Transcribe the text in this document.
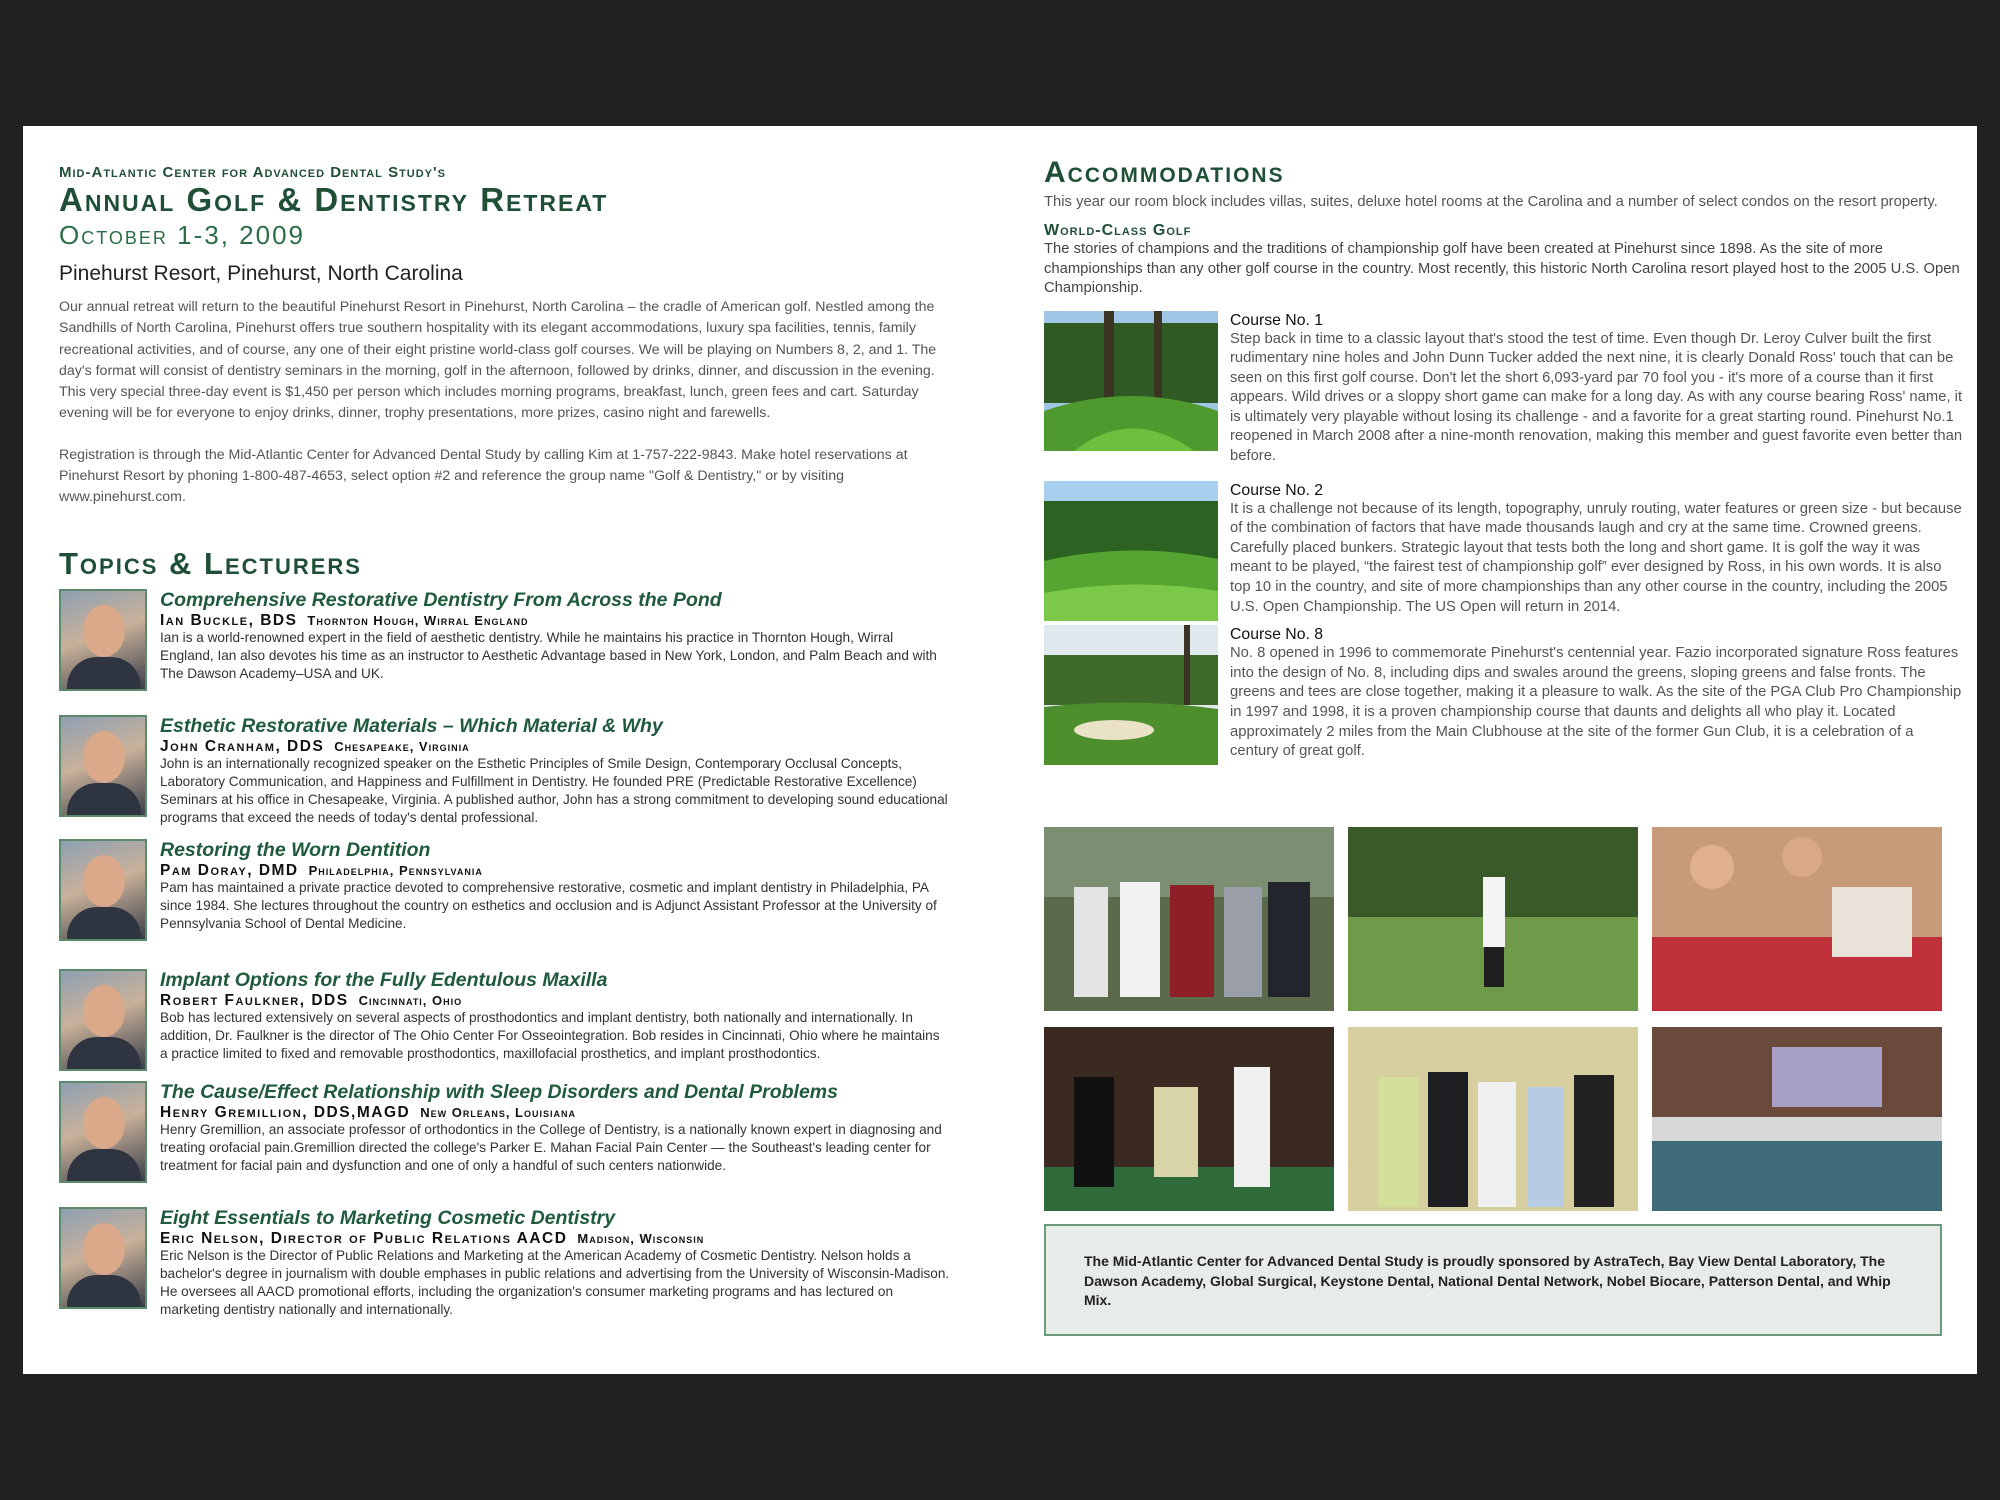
Mid-Atlantic Center for Advanced Dental Study's
Annual Golf & Dentistry Retreat
October 1-3, 2009
Pinehurst Resort, Pinehurst, North Carolina
Our annual retreat will return to the beautiful Pinehurst Resort in Pinehurst, North Carolina – the cradle of American golf. Nestled among the Sandhills of North Carolina, Pinehurst offers true southern hospitality with its elegant accommodations, luxury spa facilities, tennis, family recreational activities, and of course, any one of their eight pristine world-class golf courses. We will be playing on Numbers 8, 2, and 1. The day's format will consist of dentistry seminars in the morning, golf in the afternoon, followed by drinks, dinner, and discussion in the evening. This very special three-day event is $1,450 per person which includes morning programs, breakfast, lunch, green fees and cart. Saturday evening will be for everyone to enjoy drinks, dinner, trophy presentations, more prizes, casino night and farewells.
Registration is through the Mid-Atlantic Center for Advanced Dental Study by calling Kim at 1-757-222-9843. Make hotel reservations at Pinehurst Resort by phoning 1-800-487-4653, select option #2 and reference the group name "Golf & Dentistry," or by visiting www.pinehurst.com.
Topics & Lecturers
Comprehensive Restorative Dentistry From Across the Pond
Ian Buckle, BDS Thornton Hough, Wirral England
Ian is a world-renowned expert in the field of aesthetic dentistry. While he maintains his practice in Thornton Hough, Wirral England, Ian also devotes his time as an instructor to Aesthetic Advantage based in New York, London, and Palm Beach and with The Dawson Academy–USA and UK.
Esthetic Restorative Materials – Which Material & Why
John Cranham, DDS Chesapeake, Virginia
John is an internationally recognized speaker on the Esthetic Principles of Smile Design, Contemporary Occlusal Concepts, Laboratory Communication, and Happiness and Fulfillment in Dentistry. He founded PRE (Predictable Restorative Excellence) Seminars at his office in Chesapeake, Virginia. A published author, John has a strong commitment to developing sound educational programs that exceed the needs of today's dental professional.
Restoring the Worn Dentition
Pam Doray, DMD Philadelphia, Pennsylvania
Pam has maintained a private practice devoted to comprehensive restorative, cosmetic and implant dentistry in Philadelphia, PA since 1984. She lectures throughout the country on esthetics and occlusion and is Adjunct Assistant Professor at the University of Pennsylvania School of Dental Medicine.
Implant Options for the Fully Edentulous Maxilla
Robert Faulkner, DDS Cincinnati, Ohio
Bob has lectured extensively on several aspects of prosthodontics and implant dentistry, both nationally and internationally. In addition, Dr. Faulkner is the director of The Ohio Center For Osseointegration. Bob resides in Cincinnati, Ohio where he maintains a practice limited to fixed and removable prosthodontics, maxillofacial prosthetics, and implant prosthodontics.
The Cause/Effect Relationship with Sleep Disorders and Dental Problems
Henry Gremillion, DDS,MAGD New Orleans, Louisiana
Henry Gremillion, an associate professor of orthodontics in the College of Dentistry, is a nationally known expert in diagnosing and treating orofacial pain.Gremillion directed the college's Parker E. Mahan Facial Pain Center — the Southeast's leading center for treatment for facial pain and dysfunction and one of only a handful of such centers nationwide.
Eight Essentials to Marketing Cosmetic Dentistry
Eric Nelson, Director of Public Relations AACD Madison, Wisconsin
Eric Nelson is the Director of Public Relations and Marketing at the American Academy of Cosmetic Dentistry. Nelson holds a bachelor's degree in journalism with double emphases in public relations and advertising from the University of Wisconsin-Madison. He oversees all AACD promotional efforts, including the organization's consumer marketing programs and has lectured on marketing dentistry nationally and internationally.
Accommodations
This year our room block includes villas, suites, deluxe hotel rooms at the Carolina and a number of select condos on the resort property.
World-Class Golf
The stories of champions and the traditions of championship golf have been created at Pinehurst since 1898. As the site of more championships than any other golf course in the country. Most recently, this historic North Carolina resort played host to the 2005 U.S. Open Championship.
Course No. 1
Step back in time to a classic layout that's stood the test of time. Even though Dr. Leroy Culver built the first rudimentary nine holes and John Dunn Tucker added the next nine, it is clearly Donald Ross' touch that can be seen on this first golf course. Don't let the short 6,093-yard par 70 fool you - it's more of a course than it first appears. Wild drives or a sloppy short game can make for a long day. As with any course bearing Ross' name, it is ultimately very playable without losing its challenge - and a favorite for a great starting round. Pinehurst No.1 reopened in March 2008 after a nine-month renovation, making this member and guest favorite even better than before.
Course No. 2
It is a challenge not because of its length, topography, unruly routing, water features or green size - but because of the combination of factors that have made thousands laugh and cry at the same time. Crowned greens. Carefully placed bunkers. Strategic layout that tests both the long and short game. It is golf the way it was meant to be played, “the fairest test of championship golf” ever designed by Ross, in his own words. It is also top 10 in the country, and site of more championships than any other course in the country, including the 2005 U.S. Open Championship. The US Open will return in 2014.
Course No. 8
No. 8 opened in 1996 to commemorate Pinehurst's centennial year. Fazio incorporated signature Ross features into the design of No. 8, including dips and swales around the greens, sloping greens and false fronts. The greens and tees are close together, making it a pleasure to walk. As the site of the PGA Club Pro Championship in 1997 and 1998, it is a proven championship course that daunts and delights all who play it. Located approximately 2 miles from the Main Clubhouse at the site of the former Gun Club, it is a celebration of a century of great golf.

The Mid-Atlantic Center for Advanced Dental Study is proudly sponsored by AstraTech, Bay View Dental Laboratory, The Dawson Academy, Global Surgical, Keystone Dental, National Dental Network, Nobel Biocare, Patterson Dental, and Whip Mix.
